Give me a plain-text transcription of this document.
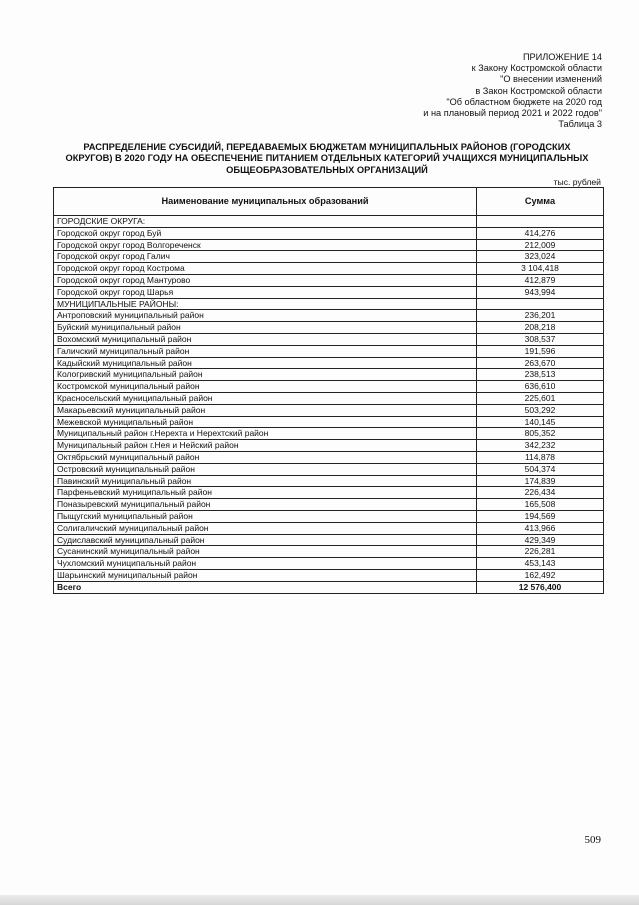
ПРИЛОЖЕНИЕ 14
к Закону Костромской области
"О внесении изменений
в Закон Костромской области
"Об областном бюджете на 2020 год
и на плановый период 2021 и 2022 годов"
Таблица 3
РАСПРЕДЕЛЕНИЕ СУБСИДИЙ, ПЕРЕДАВАЕМЫХ БЮДЖЕТАМ МУНИЦИПАЛЬНЫХ РАЙОНОВ (ГОРОДСКИХ
ОКРУГОВ) В 2020 ГОДУ НА ОБЕСПЕЧЕНИЕ ПИТАНИЕМ ОТДЕЛЬНЫХ КАТЕГОРИЙ УЧАЩИХСЯ МУНИЦИПАЛЬНЫХ
ОБЩЕОБРАЗОВАТЕЛЬНЫХ ОРГАНИЗАЦИЙ
тыс. рублей
Наименование муниципальных образований	Сумма
ГОРОДСКИЕ ОКРУГА:	
Городской округ город Буй	414,276
Городской округ город Волгореченск	212,009
Городской округ город Галич	323,024
Городской округ город Кострома	3 104,418
Городской округ город Мантурово	412,879
Городской округ город Шарья	943,994
МУНИЦИПАЛЬНЫЕ РАЙОНЫ:	
Антроповский муниципальный район	236,201
Буйский муниципальный район	208,218
Вохомский муниципальный район	308,537
Галичский муниципальный район	191,596
Кадыйский муниципальный район	263,670
Кологривский муниципальный район	238,513
Костромской муниципальный район	636,610
Красносельский муниципальный район	225,601
Макарьевский муниципальный район	503,292
Межевской муниципальный район	140,145
Муниципальный район г.Нерехта и Нерехтский район	805,352
Муниципальный район г.Нея и Нейский район	342,232
Октябрьский муниципальный район	114,878
Островский муниципальный район	504,374
Павинский муниципальный район	174,839
Парфеньевский муниципальный район	226,434
Поназыревский муниципальный район	165,508
Пыщугский муниципальный район	194,569
Солигаличский муниципальный район	413,966
Судиславский муниципальный район	429,349
Сусанинский муниципальный район	226,281
Чухломский муниципальный район	453,143
Шарьинский муниципальный район	162,492
Всего	12 576,400
509
